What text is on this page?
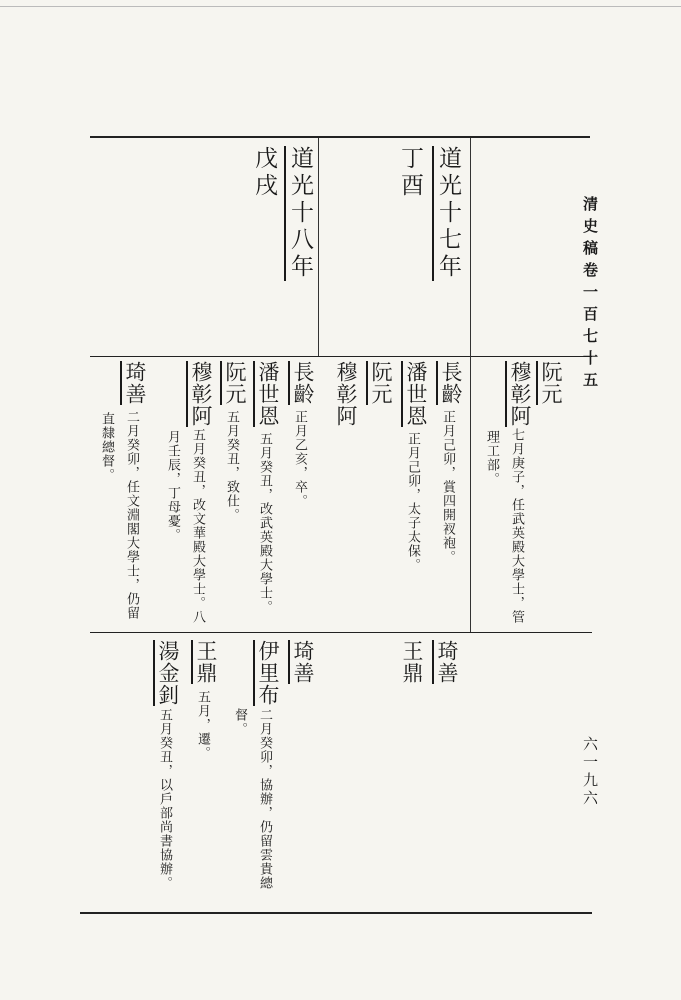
清史稿卷一百七十五
六一九六
道光十七年
丁酉
道光十八年
戊戌
阮元
穆彰阿
七月庚子，任武英殿大學士，管
理工部。
長齡
正月己卯，賞四開衩袍。
潘世恩
正月己卯，太子太保。
阮元
穆彰阿
長齡
正月乙亥，卒。
潘世恩
五月癸丑，改武英殿大學士。
阮元
五月癸丑，致仕。
穆彰阿
五月癸丑，改文華殿大學士。八
月壬辰，丁母憂。
琦善
二月癸卯，任文淵閣大學士，仍留
直隸總督。
琦善
王鼎
琦善
伊里布
二月癸卯，協辦，仍留雲貴總
督。
王鼎
五月，遷。
湯金釗
五月癸丑，以戶部尚書協辦。
